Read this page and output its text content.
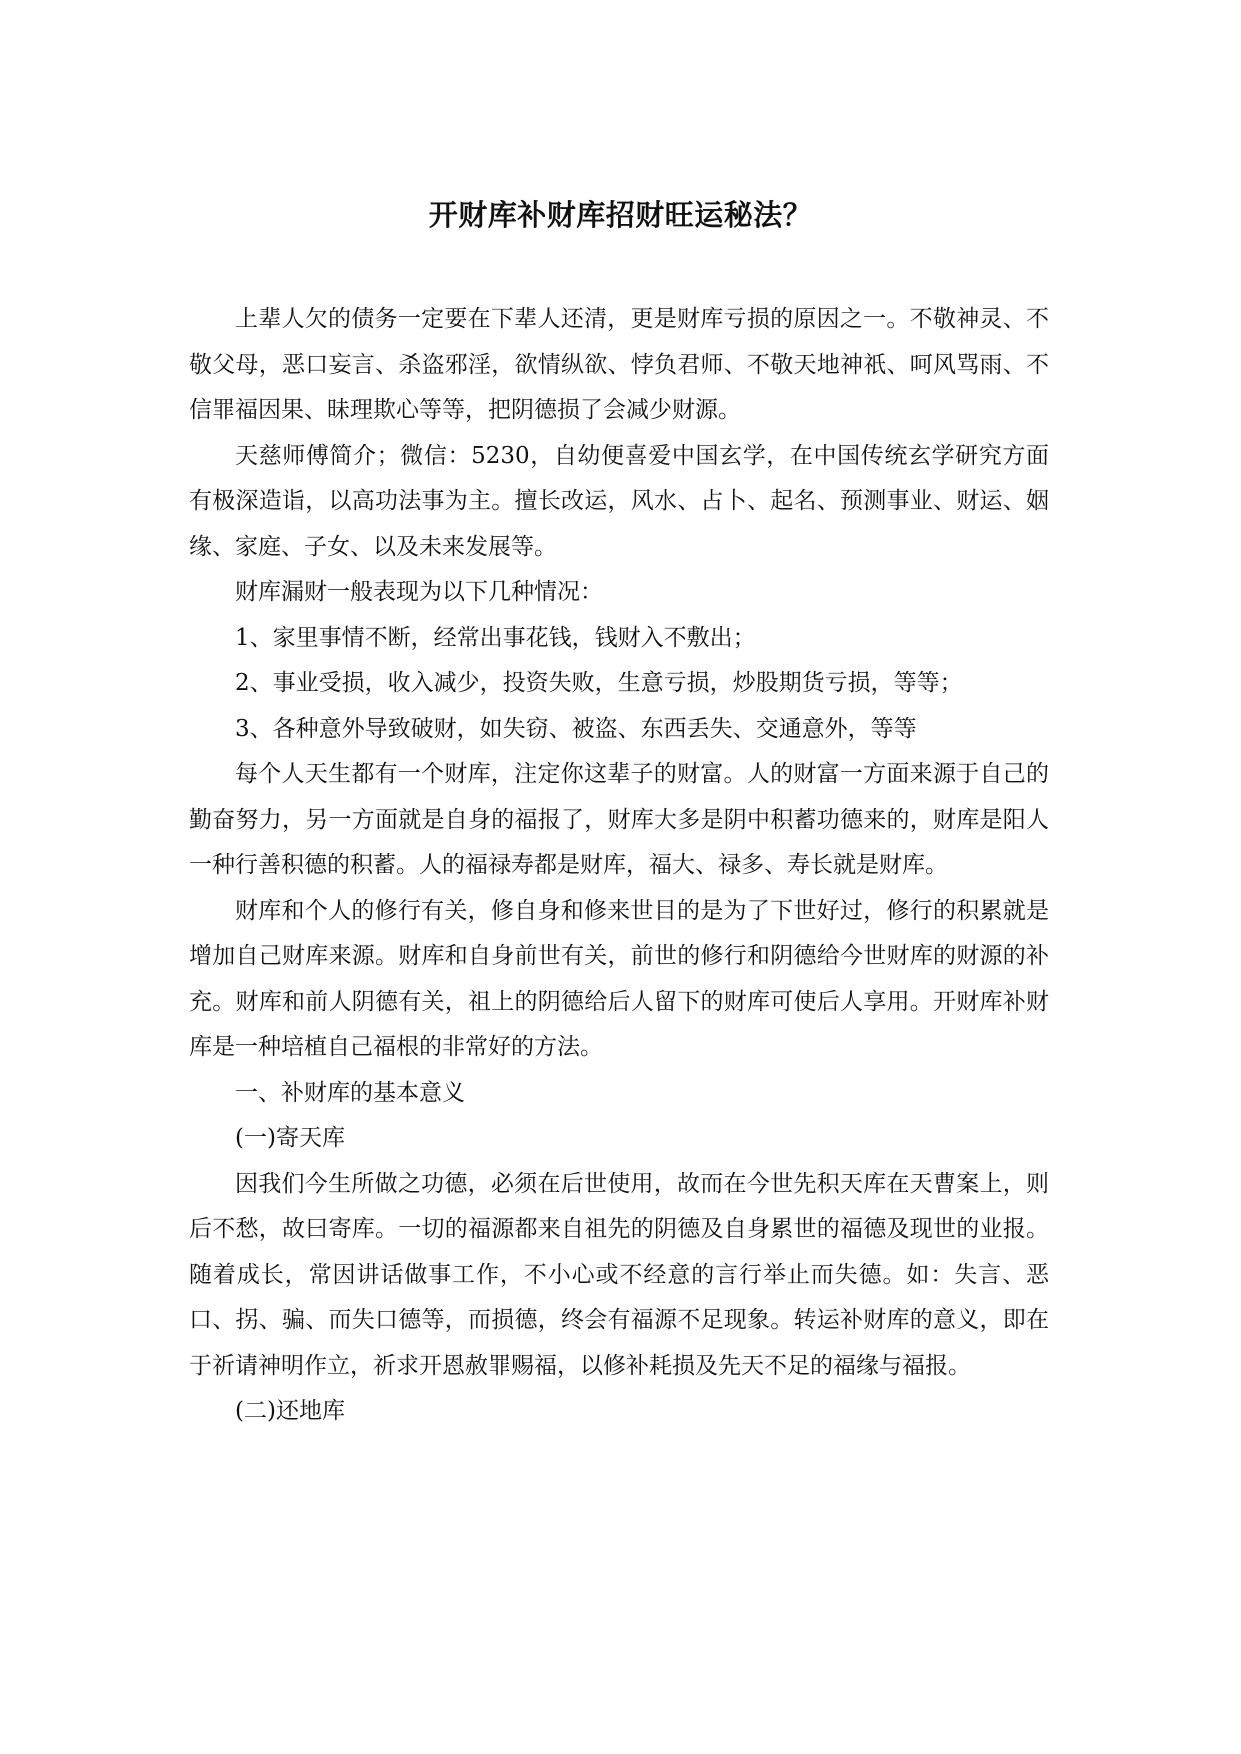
开财库补财库招财旺运秘法？

上辈人欠的债务一定要在下辈人还清，更是财库亏损的原因之一。不敬神灵、不敬父母，恶口妄言、杀盗邪淫，欲情纵欲、悖负君师、不敬天地神祇、呵风骂雨、不信罪福因果、昧理欺心等等，把阴德损了会减少财源。

天慈师傅简介；微信：5230，自幼便喜爱中国玄学，在中国传统玄学研究方面有极深造诣，以高功法事为主。擅长改运，风水、占卜、起名、预测事业、财运、姻缘、家庭、子女、以及未来发展等。

财库漏财一般表现为以下几种情况：

1、家里事情不断，经常出事花钱，钱财入不敷出；

2、事业受损，收入减少，投资失败，生意亏损，炒股期货亏损，等等；

3、各种意外导致破财，如失窃、被盗、东西丢失、交通意外，等等

每个人天生都有一个财库，注定你这辈子的财富。人的财富一方面来源于自己的勤奋努力，另一方面就是自身的福报了，财库大多是阴中积蓄功德来的，财库是阳人一种行善积德的积蓄。人的福禄寿都是财库，福大、禄多、寿长就是财库。

财库和个人的修行有关，修自身和修来世目的是为了下世好过，修行的积累就是增加自己财库来源。财库和自身前世有关，前世的修行和阴德给今世财库的财源的补充。财库和前人阴德有关，祖上的阴德给后人留下的财库可使后人享用。开财库补财库是一种培植自己福根的非常好的方法。

一、补财库的基本意义

(一)寄天库

因我们今生所做之功德，必须在后世使用，故而在今世先积天库在天曹案上，则后不愁，故曰寄库。一切的福源都来自祖先的阴德及自身累世的福德及现世的业报。随着成长，常因讲话做事工作，不小心或不经意的言行举止而失德。如：失言、恶口、拐、骗、而失口德等，而损德，终会有福源不足现象。转运补财库的意义，即在于祈请神明作立，祈求开恩赦罪赐福，以修补耗损及先天不足的福缘与福报。

(二)还地库
